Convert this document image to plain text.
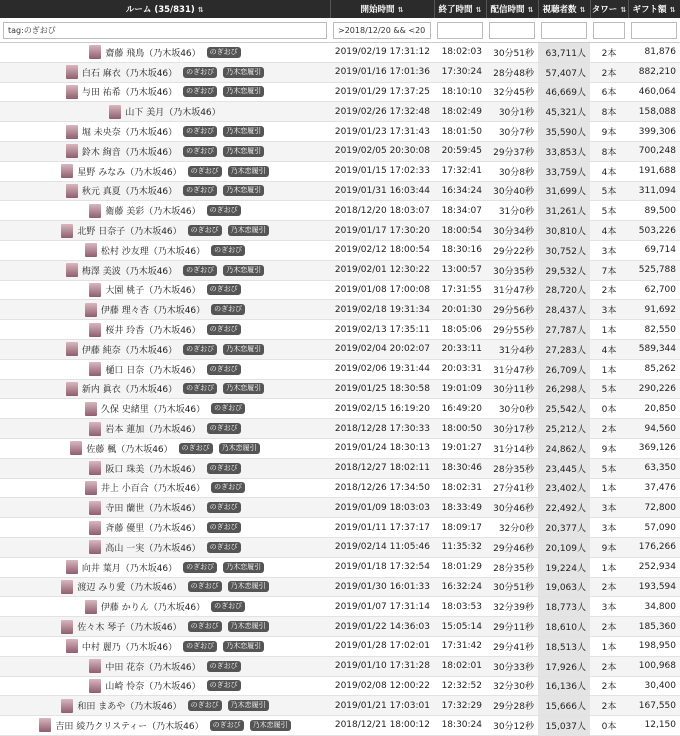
ルーム (35/831) ⇅	開始時間 ⇅	終了時間 ⇅	配信時間 ⇅	視聴者数 ⇅	タワー ⇅	ギフト額 ⇅
tag:のぎおび	>2018/12/20 && <2019/02					

齋藤 飛鳥（乃木坂46） のぎおび	2019/02/19 17:31:12	18:02:03	30分51秒	63,711人	2本	81,876

白石 麻衣（乃木坂46） のぎおび 乃木恋履引	2019/01/16 17:01:36	17:30:24	28分48秒	57,407人	2本	882,210

与田 祐希（乃木坂46） のぎおび 乃木恋履引	2019/01/29 17:37:25	18:10:10	32分45秒	46,669人	6本	460,064

山下 美月（乃木坂46）	2019/02/26 17:32:48	18:02:49	30分1秒	45,321人	8本	158,088

堀 未央奈（乃木坂46） のぎおび 乃木恋履引	2019/01/23 17:31:43	18:01:50	30分7秒	35,590人	9本	399,306

鈴木 絢音（乃木坂46） のぎおび 乃木恋履引	2019/02/05 20:30:08	20:59:45	29分37秒	33,853人	8本	700,248

星野 みなみ（乃木坂46） のぎおび 乃木恋履引	2019/01/15 17:02:33	17:32:41	30分8秒	33,759人	4本	191,688

秋元 真夏（乃木坂46） のぎおび 乃木恋履引	2019/01/31 16:03:44	16:34:24	30分40秒	31,699人	5本	311,094

衛藤 美彩（乃木坂46） のぎおび	2018/12/20 18:03:07	18:34:07	31分0秒	31,261人	5本	89,500

北野 日奈子（乃木坂46） のぎおび 乃木恋履引	2019/01/17 17:30:20	18:00:54	30分34秒	30,810人	4本	503,226

松村 沙友理（乃木坂46） のぎおび	2019/02/12 18:00:54	18:30:16	29分22秒	30,752人	3本	69,714

梅澤 美波（乃木坂46） のぎおび 乃木恋履引	2019/02/01 12:30:22	13:00:57	30分35秒	29,532人	7本	525,788

大園 桃子（乃木坂46） のぎおび	2019/01/08 17:00:08	17:31:55	31分47秒	28,720人	2本	62,700

伊藤 理々杏（乃木坂46） のぎおび	2019/02/18 19:31:34	20:01:30	29分56秒	28,437人	3本	91,692

桜井 玲香（乃木坂46） のぎおび	2019/02/13 17:35:11	18:05:06	29分55秒	27,787人	1本	82,550

伊藤 純奈（乃木坂46） のぎおび 乃木恋履引	2019/02/04 20:02:07	20:33:11	31分4秒	27,283人	4本	589,344

樋口 日奈（乃木坂46） のぎおび	2019/02/06 19:31:44	20:03:31	31分47秒	26,709人	1本	85,262

新内 眞衣（乃木坂46） のぎおび 乃木恋履引	2019/01/25 18:30:58	19:01:09	30分11秒	26,298人	5本	290,226

久保 史緒里（乃木坂46） のぎおび	2019/02/15 16:19:20	16:49:20	30分0秒	25,542人	0本	20,850

岩本 蓮加（乃木坂46） のぎおび	2018/12/28 17:30:33	18:00:50	30分17秒	25,212人	2本	94,560

佐藤 楓（乃木坂46） のぎおび 乃木恋履引	2019/01/24 18:30:13	19:01:27	31分14秒	24,862人	9本	369,126

阪口 珠美（乃木坂46） のぎおび	2018/12/27 18:02:11	18:30:46	28分35秒	23,445人	5本	63,350

井上 小百合（乃木坂46） のぎおび	2018/12/26 17:34:50	18:02:31	27分41秒	23,402人	1本	37,476

寺田 蘭世（乃木坂46） のぎおび	2019/01/09 18:03:03	18:33:49	30分46秒	22,492人	3本	72,800

斉藤 優里（乃木坂46） のぎおび	2019/01/11 17:37:17	18:09:17	32分0秒	20,377人	3本	57,090

高山 一実（乃木坂46） のぎおび	2019/02/14 11:05:46	11:35:32	29分46秒	20,109人	9本	176,266

向井 葉月（乃木坂46） のぎおび 乃木恋履引	2019/01/18 17:32:54	18:01:29	28分35秒	19,224人	1本	252,934

渡辺 みり愛（乃木坂46） のぎおび 乃木恋履引	2019/01/30 16:01:33	16:32:24	30分51秒	19,063人	2本	193,594

伊藤 かりん（乃木坂46） のぎおび	2019/01/07 17:31:14	18:03:53	32分39秒	18,773人	3本	34,800

佐々木 琴子（乃木坂46） のぎおび 乃木恋履引	2019/01/22 14:36:03	15:05:14	29分11秒	18,610人	2本	185,360

中村 麗乃（乃木坂46） のぎおび 乃木恋履引	2019/01/28 17:02:01	17:31:42	29分41秒	18,513人	1本	198,950

中田 花奈（乃木坂46） のぎおび	2019/01/10 17:31:28	18:02:01	30分33秒	17,926人	2本	100,968

山崎 怜奈（乃木坂46） のぎおび	2019/02/08 12:00:22	12:32:52	32分30秒	16,136人	2本	30,400

和田 まあや（乃木坂46） のぎおび 乃木恋履引	2019/01/21 17:03:01	17:32:29	29分28秒	15,666人	2本	167,550

吉田 綾乃クリスティー（乃木坂46） のぎおび 乃木恋履引	2018/12/21 18:00:12	18:30:24	30分12秒	15,037人	0本	12,150
